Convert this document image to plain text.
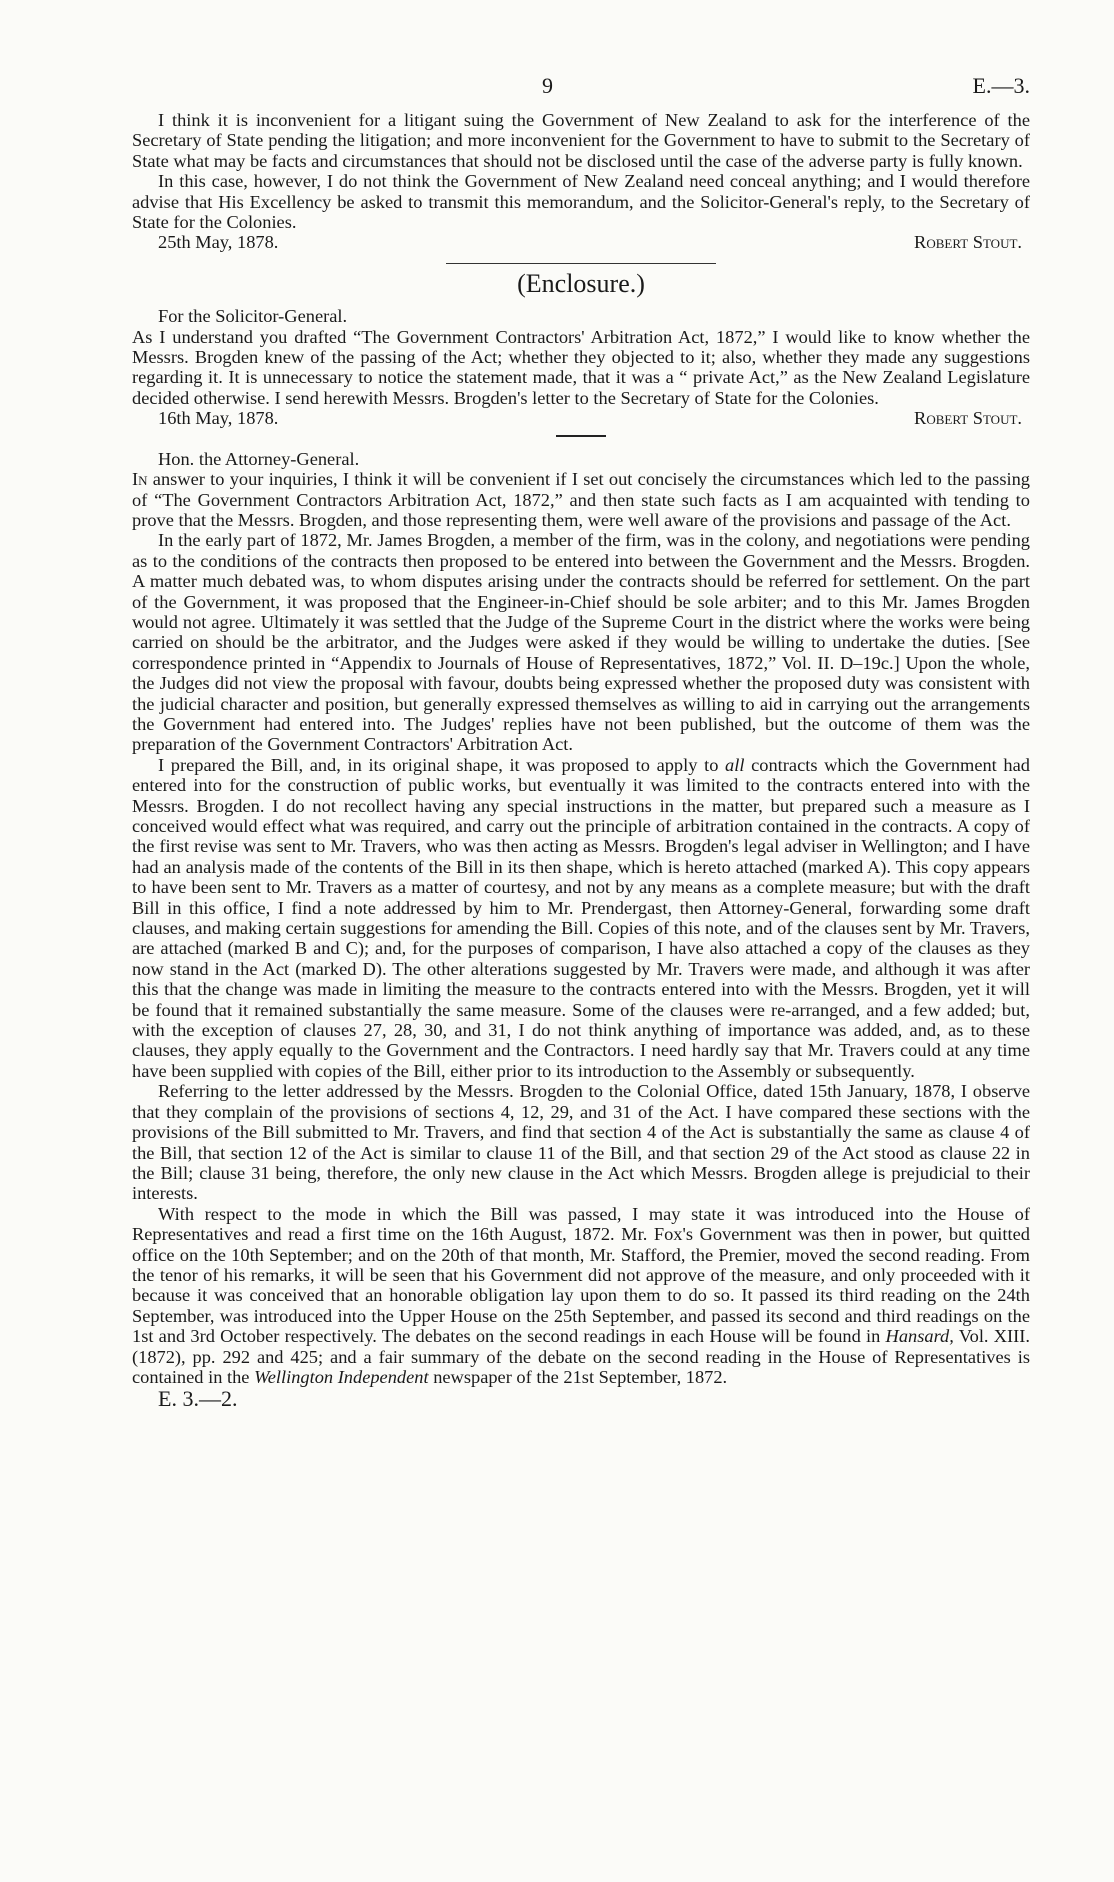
9	E.—3.

I think it is inconvenient for a litigant suing the Government of New Zealand to ask for the interference of the Secretary of State pending the litigation; and more inconvenient for the Government to have to submit to the Secretary of State what may be facts and circumstances that should not be disclosed until the case of the adverse party is fully known.

In this case, however, I do not think the Government of New Zealand need conceal anything; and I would therefore advise that His Excellency be asked to transmit this memorandum, and the Solicitor-General's reply, to the Secretary of State for the Colonies.

25th May, 1878.	Robert Stout.
(Enclosure.)
For the Solicitor-General.

As I understand you drafted “The Government Contractors' Arbitration Act, 1872,” I would like to know whether the Messrs. Brogden knew of the passing of the Act; whether they objected to it; also, whether they made any suggestions regarding it. It is unnecessary to notice the statement made, that it was a “ private Act,” as the New Zealand Legislature decided otherwise. I send herewith Messrs. Brogden's letter to the Secretary of State for the Colonies.

16th May, 1878.	Robert Stout.
Hon. the Attorney-General.

In answer to your inquiries, I think it will be convenient if I set out concisely the circumstances which led to the passing of “The Government Contractors Arbitration Act, 1872,” and then state such facts as I am acquainted with tending to prove that the Messrs. Brogden, and those representing them, were well aware of the provisions and passage of the Act.

In the early part of 1872, Mr. James Brogden, a member of the firm, was in the colony, and negotiations were pending as to the conditions of the contracts then proposed to be entered into between the Government and the Messrs. Brogden. A matter much debated was, to whom disputes arising under the contracts should be referred for settlement. On the part of the Government, it was proposed that the Engineer-in-Chief should be sole arbiter; and to this Mr. James Brogden would not agree. Ultimately it was settled that the Judge of the Supreme Court in the district where the works were being carried on should be the arbitrator, and the Judges were asked if they would be willing to undertake the duties. [See correspondence printed in “Appendix to Journals of House of Representatives, 1872,” Vol. II. D–19c.] Upon the whole, the Judges did not view the proposal with favour, doubts being expressed whether the proposed duty was consistent with the judicial character and position, but generally expressed themselves as willing to aid in carrying out the arrangements the Government had entered into. The Judges' replies have not been published, but the outcome of them was the preparation of the Government Contractors' Arbitration Act.

I prepared the Bill, and, in its original shape, it was proposed to apply to all contracts which the Government had entered into for the construction of public works, but eventually it was limited to the contracts entered into with the Messrs. Brogden. I do not recollect having any special instructions in the matter, but prepared such a measure as I conceived would effect what was required, and carry out the principle of arbitration contained in the contracts. A copy of the first revise was sent to Mr. Travers, who was then acting as Messrs. Brogden's legal adviser in Wellington; and I have had an analysis made of the contents of the Bill in its then shape, which is hereto attached (marked A). This copy appears to have been sent to Mr. Travers as a matter of courtesy, and not by any means as a complete measure; but with the draft Bill in this office, I find a note addressed by him to Mr. Prendergast, then Attorney-General, forwarding some draft clauses, and making certain suggestions for amending the Bill. Copies of this note, and of the clauses sent by Mr. Travers, are attached (marked B and C); and, for the purposes of comparison, I have also attached a copy of the clauses as they now stand in the Act (marked D). The other alterations suggested by Mr. Travers were made, and although it was after this that the change was made in limiting the measure to the contracts entered into with the Messrs. Brogden, yet it will be found that it remained substantially the same measure. Some of the clauses were re-arranged, and a few added; but, with the exception of clauses 27, 28, 30, and 31, I do not think anything of importance was added, and, as to these clauses, they apply equally to the Government and the Contractors. I need hardly say that Mr. Travers could at any time have been supplied with copies of the Bill, either prior to its introduction to the Assembly or subsequently.

Referring to the letter addressed by the Messrs. Brogden to the Colonial Office, dated 15th January, 1878, I observe that they complain of the provisions of sections 4, 12, 29, and 31 of the Act. I have compared these sections with the provisions of the Bill submitted to Mr. Travers, and find that section 4 of the Act is substantially the same as clause 4 of the Bill, that section 12 of the Act is similar to clause 11 of the Bill, and that section 29 of the Act stood as clause 22 in the Bill; clause 31 being, therefore, the only new clause in the Act which Messrs. Brogden allege is prejudicial to their interests.

With respect to the mode in which the Bill was passed, I may state it was introduced into the House of Representatives and read a first time on the 16th August, 1872. Mr. Fox's Government was then in power, but quitted office on the 10th September; and on the 20th of that month, Mr. Stafford, the Premier, moved the second reading. From the tenor of his remarks, it will be seen that his Government did not approve of the measure, and only proceeded with it because it was conceived that an honorable obligation lay upon them to do so. It passed its third reading on the 24th September, was introduced into the Upper House on the 25th September, and passed its second and third readings on the 1st and 3rd October respectively. The debates on the second readings in each House will be found in Hansard, Vol. XIII. (1872), pp. 292 and 425; and a fair summary of the debate on the second reading in the House of Representatives is contained in the Wellington Independent newspaper of the 21st September, 1872.

E. 3.—2.
